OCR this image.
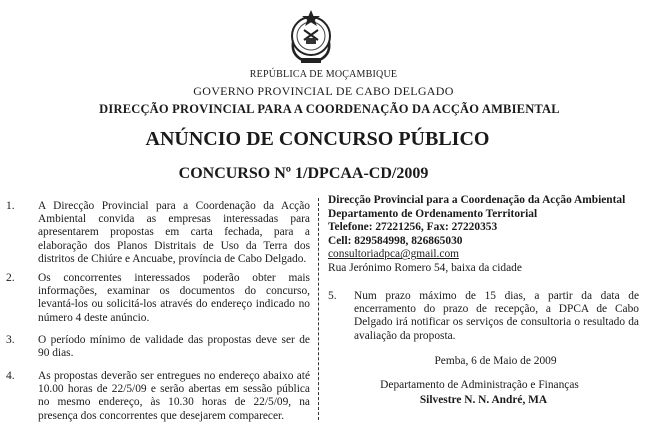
REPÚBLICA DE MOÇAMBIQUE
GOVERNO PROVINCIAL DE CABO DELGADO
DIRECÇÃO PROVINCIAL PARA A COORDENAÇÃO DA ACÇÃO AMBIENTAL
ANÚNCIO DE CONCURSO PÚBLICO
CONCURSO Nº 1/DPCAA-CD/2009
1. A Direcção Provincial para a Coordenação da Acção Ambiental convida as empresas interessadas para apresentarem propostas em carta fechada, para a elaboração dos Planos Distritais de Uso da Terra dos distritos de Chiúre e Ancuabe, província de Cabo Delgado.
2. Os concorrentes interessados poderão obter mais informações, examinar os documentos do concurso, levantá-los ou solicitá-los através do endereço indicado no número 4 deste anúncio.
3. O período mínimo de validade das propostas deve ser de 90 dias.
4. As propostas deverão ser entregues no endereço abaixo até 10.00 horas de 22/5/09 e serão abertas em sessão pública no mesmo endereço, às 10.30 horas de 22/5/09, na presença dos concorrentes que desejarem comparecer.
Direcção Provincial para a Coordenação da Acção Ambiental
Departamento de Ordenamento Territorial
Telefone: 27221256, Fax: 27220353
Cell: 829584998, 826865030
consultoriadpca@gmail.com
Rua Jerónimo Romero 54, baixa da cidade
5. Num prazo máximo de 15 dias, a partir da data de encerramento do prazo de recepção, a DPCA de Cabo Delgado irá notificar os serviços de consultoria o resultado da avaliação da proposta.
Pemba, 6 de Maio de 2009
Departamento de Administração e Finanças
Silvestre N. N. André, MA
